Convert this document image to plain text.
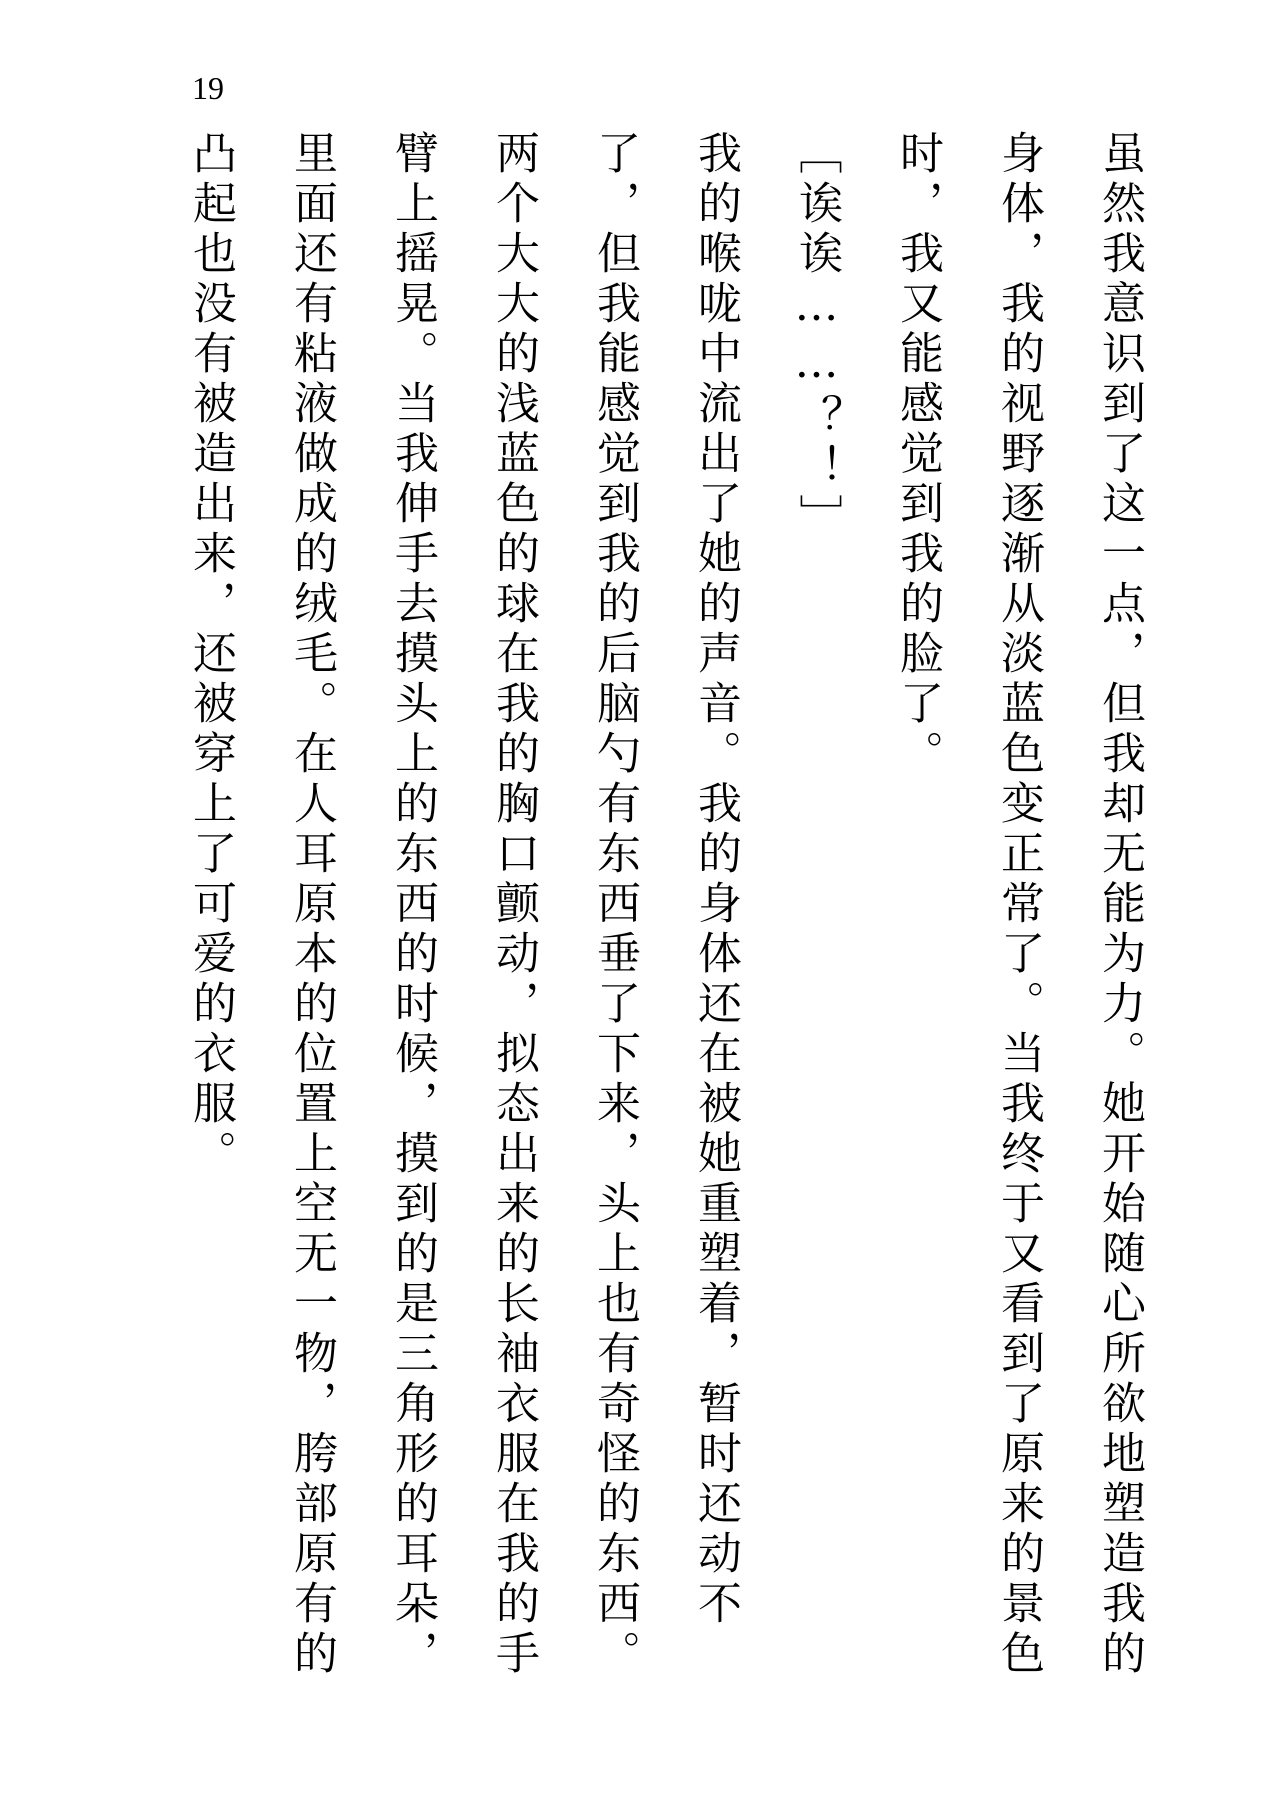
19

虽然我意识到了这一点，但我却无能为力。她开始随心所欲地塑造我的身体，我的视野逐渐从淡蓝色变正常了。当我终于又看到了原来的景色时，我又能感觉到我的脸了。

［诶诶……？！］

我的喉咙中流出了她的声音。我的身体还在被她重塑着，暂时还动不了，但我能感觉到我的后脑勺有东西垂了下来，头上也有奇怪的东西。两个大大的浅蓝色的球在我的胸口颤动，拟态出来的长袖衣服在我的手臂上摇晃。当我伸手去摸头上的东西的时候，摸到的是三角形的耳朵，里面还有粘液做成的绒毛。在人耳原本的位置上空无一物，胯部原有的凸起也没有被造出来，还被穿上了可爱的衣服。
